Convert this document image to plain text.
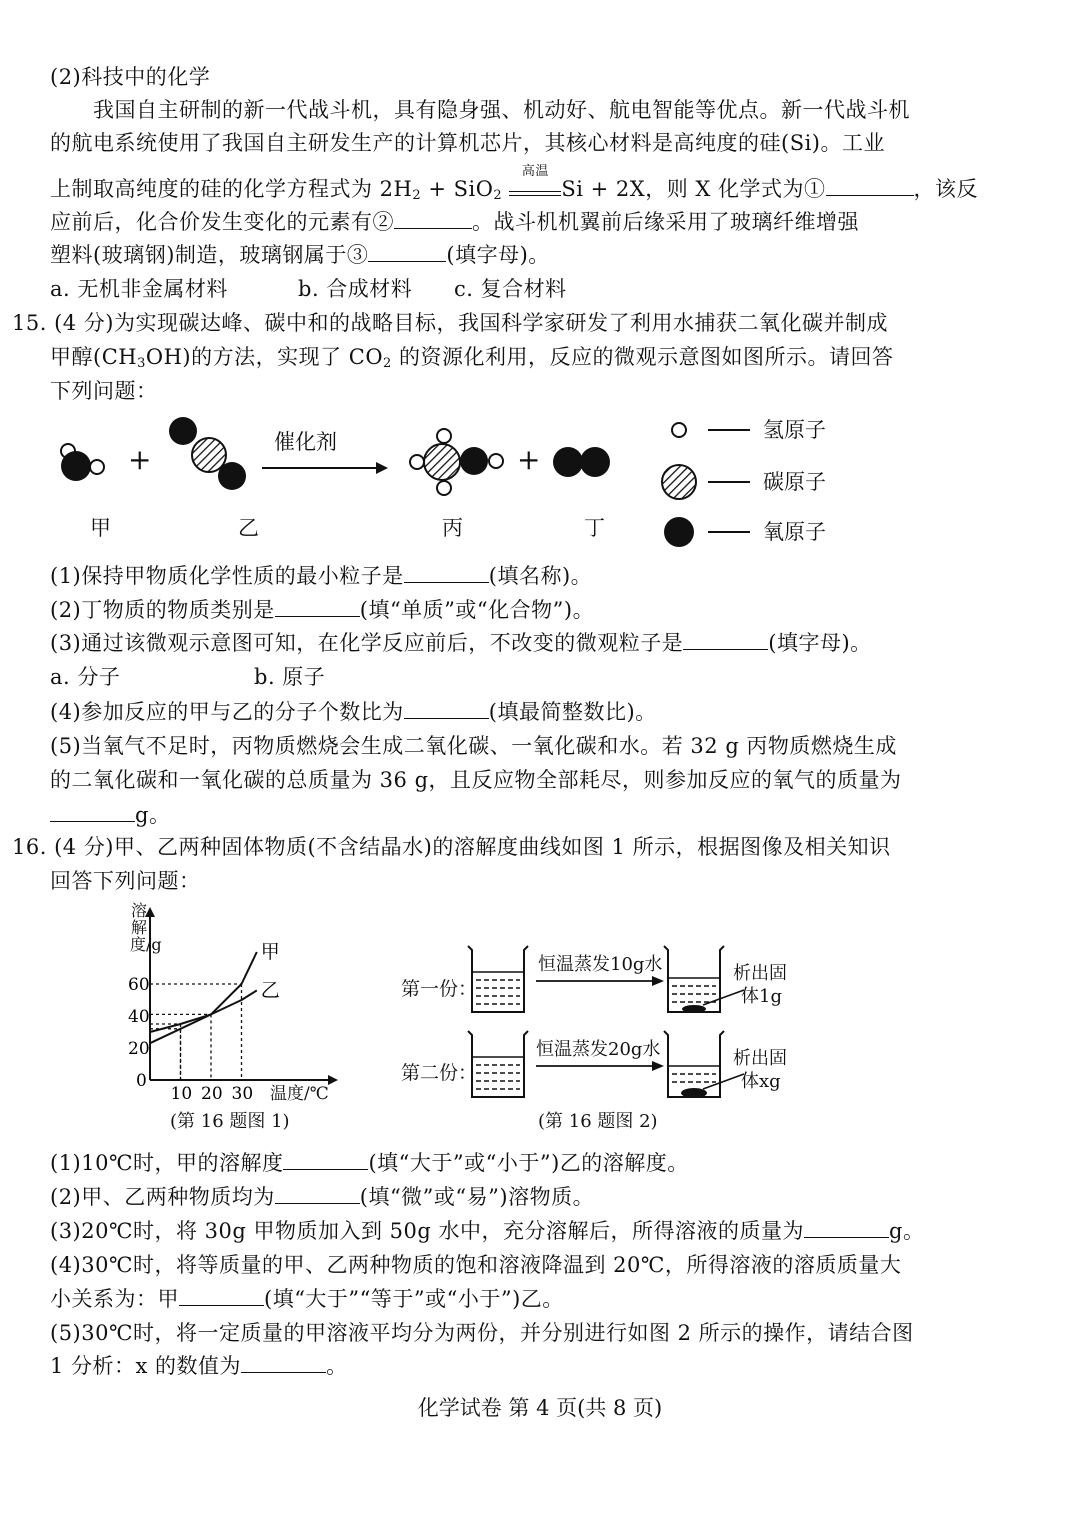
(2)科技中的化学
我国自主研制的新一代战斗机，具有隐身强、机动好、航电智能等优点。新一代战斗机
的航电系统使用了我国自主研发生产的计算机芯片，其核心材料是高纯度的硅(Si)。工业
上制取高纯度的硅的化学方程式为 $2H_2 + SiO_2$
高温
Si + 2X，则 X 化学式为①	，该反
应前后，化合价发生变化的元素有②	。战斗机机翼前后缘采用了玻璃纤维增强
塑料(玻璃钢)制造，玻璃钢属于③	(填字母)。
a. 无机非金属材料	b. 合成材料 c. 复合材料
15. (4 分)为实现碳达峰、碳中和的战略目标，我国科学家研发了利用水捕获二氧化碳并制成
甲醇$(CH_3OH)$的方法，实现了 $CO_2$ 的资源化利用，反应的微观示意图如图所示。请回答
下列问题：
+	+
催化剂
甲	乙	丙	丁
氢原子
碳原子
氧原子
(1)保持甲物质化学性质的最小粒子是	(填名称)。
(2)丁物质的物质类别是	(填“单质”或“化合物”)。
(3)通过该微观示意图可知，在化学反应前后，不改变的微观粒子是	(填字母)。
a. 分子	b. 原子
(4)参加反应的甲与乙的分子个数比为	(填最简整数比)。
(5)当氧气不足时，丙物质燃烧会生成二氧化碳、一氧化碳和水。若 32 g 丙物质燃烧生成
的二氧化碳和一氧化碳的总质量为 36 g，且反应物全部耗尽，则参加反应的氧气的质量为
g。
16. (4 分)甲、乙两种固体物质(不含结晶水)的溶解度曲线如图 1 所示，根据图像及相关知识
回答下列问题：
甲
乙
10 20 30
0
20
40
60
溶解度/g
温度/℃
(第 16 题图 1)
第一份：
恒温蒸发10g水	析出固
体1g
第二份：
恒温蒸发20g水	析出固
体xg
(第 16 题图 2)
(1)10℃时，甲的溶解度	(填“大于”或“小于”)乙的溶解度。
(2)甲、乙两种物质均为	(填“微”或“易”)溶物质。
(3)20℃时，将 30g 甲物质加入到 50g 水中，充分溶解后，所得溶液的质量为	g。
(4)30℃时，将等质量的甲、乙两种物质的饱和溶液降温到 20℃，所得溶液的溶质质量大
小关系为：甲	(填“大于”“等于”或“小于”)乙。
(5)30℃时，将一定质量的甲溶液平均分为两份，并分别进行如图 2 所示的操作，请结合图
1 分析：x 的数值为	。
化学试卷 第 4 页(共 8 页)
